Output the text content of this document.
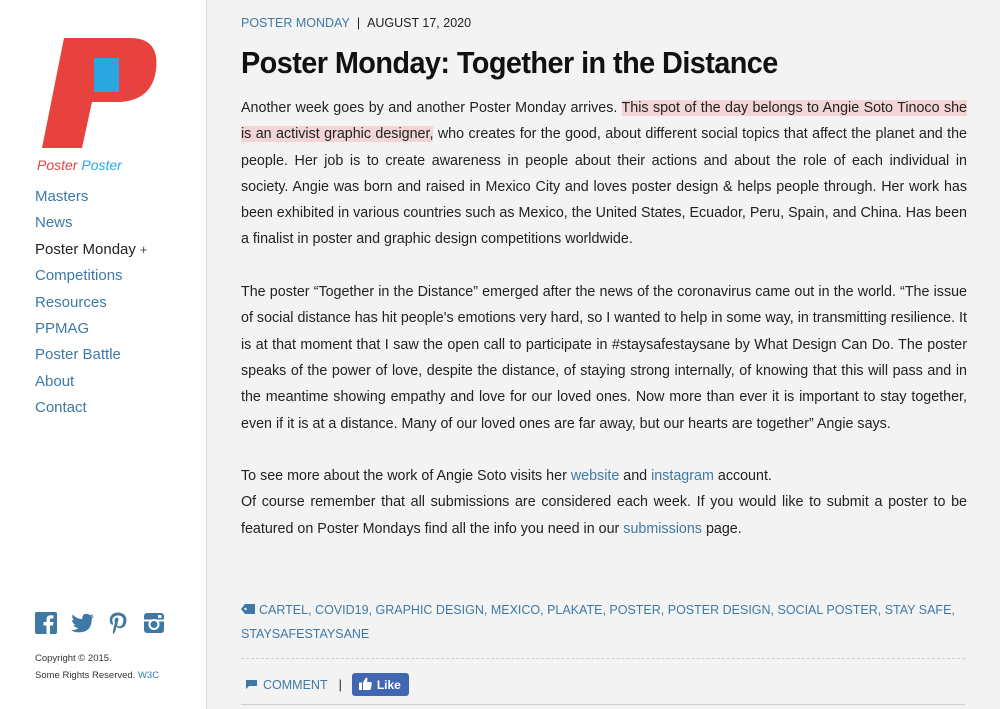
Poster Poster
Masters
News
Poster Monday +
Competitions
Resources
PPMAG
Poster Battle
About
Contact
Copyright © 2015.
Some Rights Reserved. W3C
POSTER MONDAY | AUGUST 17, 2020
Poster Monday: Together in the Distance

Another week goes by and another Poster Monday arrives. This spot of the day belongs to Angie Soto Tinoco she is an activist graphic designer, who creates for the good, about different social topics that affect the planet and the people. Her job is to create awareness in people about their actions and about the role of each individual in society. Angie was born and raised in Mexico City and loves poster design & helps people through. Her work has been exhibited in various countries such as Mexico, the United States, Ecuador, Peru, Spain, and China. Has been a finalist in poster and graphic design competitions worldwide.

The poster “Together in the Distance” emerged after the news of the coronavirus came out in the world. “The issue of social distance has hit people's emotions very hard, so I wanted to help in some way, in transmitting resilience. It is at that moment that I saw the open call to participate in #staysafestaysane by What Design Can Do. The poster speaks of the power of love, despite the distance, of staying strong internally, of knowing that this will pass and in the meantime showing empathy and love for our loved ones. Now more than ever it is important to stay together, even if it is at a distance. Many of our loved ones are far away, but our hearts are together” Angie says.

To see more about the work of Angie Soto visits her website and instagram account.

Of course remember that all submissions are considered each week. If you would like to submit a poster to be featured on Poster Mondays find all the info you need in our submissions page.

CARTEL, COVID19, GRAPHIC DESIGN, MEXICO, PLAKATE, POSTER, POSTER DESIGN, SOCIAL POSTER, STAY SAFE, STAYSAFESTAYSANE
COMMENT |	Like
